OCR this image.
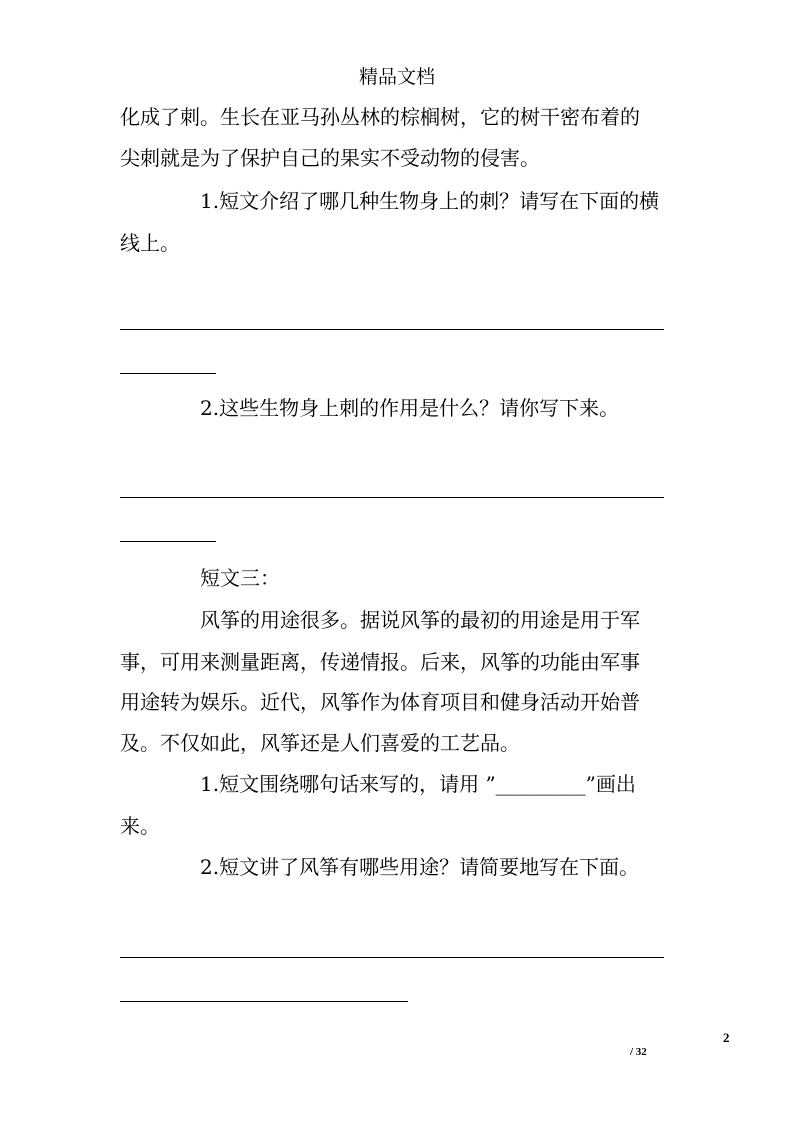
精品文档
化成了刺。生长在亚马孙丛林的棕榈树，它的树干密布着的
尖刺就是为了保护自己的果实不受动物的侵害。
1.短文介绍了哪几种生物身上的刺？请写在下面的横
线上。
2.这些生物身上刺的作用是什么？请你写下来。
短文三：
风筝的用途很多。据说风筝的最初的用途是用于军
事，可用来测量距离，传递情报。后来，风筝的功能由军事
用途转为娱乐。近代，风筝作为体育项目和健身活动开始普
及。不仅如此，风筝还是人们喜爱的工艺品。
1.短文围绕哪句话来写的，请用 ”_________”画出
来。
2.短文讲了风筝有哪些用途？请简要地写在下面。
2
/ 32
